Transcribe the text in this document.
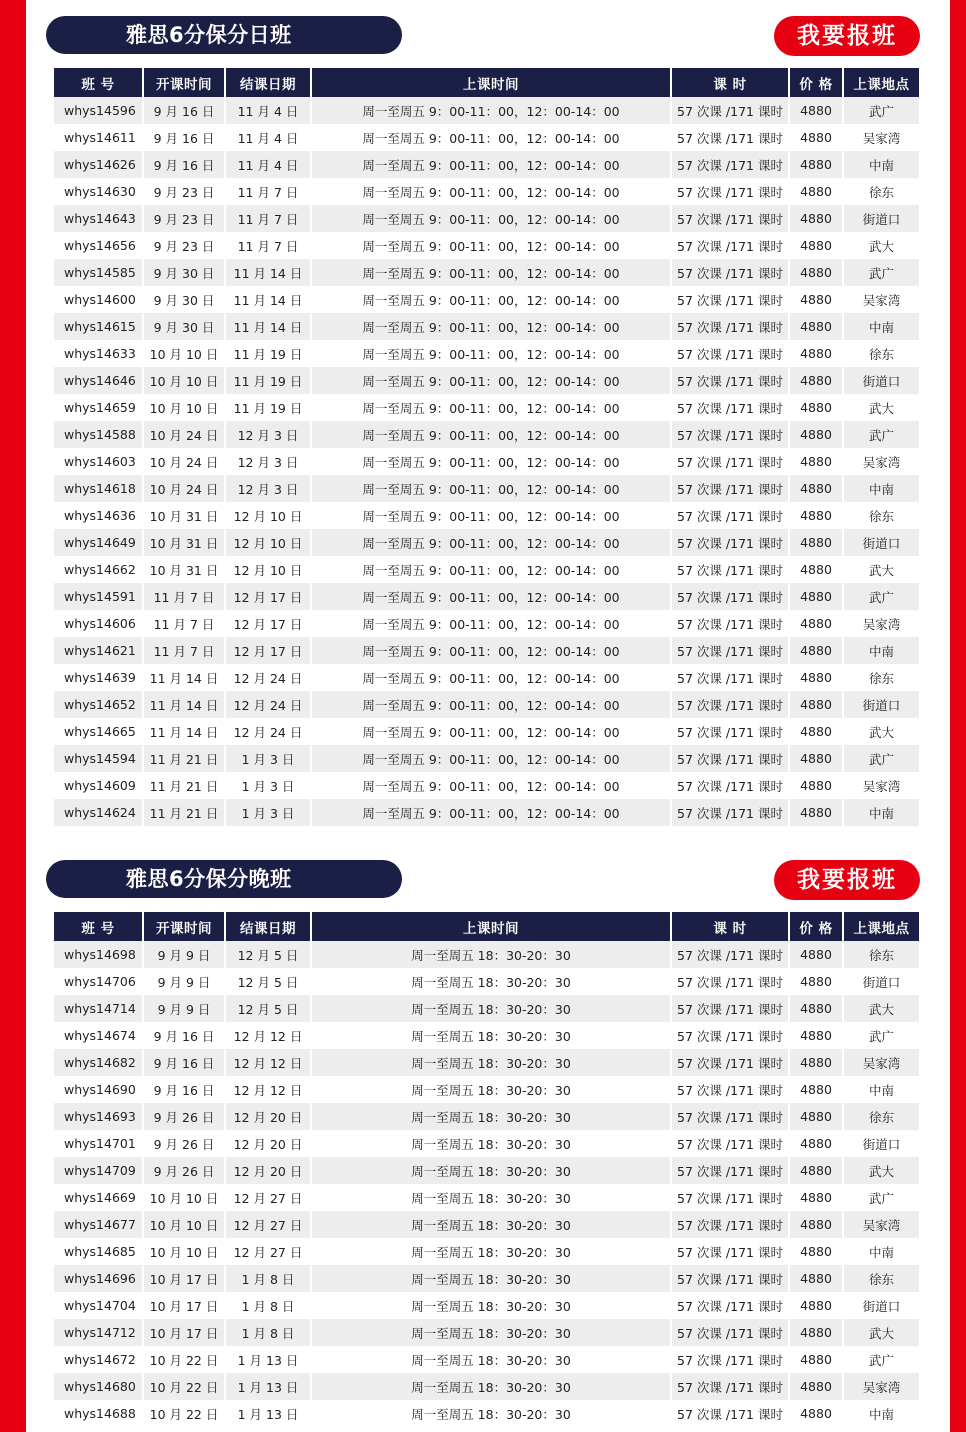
雅思6分保分日班	我要报班
班 号	开课时间	结课日期	上课时间	课 时	价 格	上课地点
whys14596	9 月 16 日	11 月 4 日	周一至周五 9：00-11：00，12：00-14：00	57 次课 /171 课时	4880	武广
whys14611	9 月 16 日	11 月 4 日	周一至周五 9：00-11：00，12：00-14：00	57 次课 /171 课时	4880	吴家湾
whys14626	9 月 16 日	11 月 4 日	周一至周五 9：00-11：00，12：00-14：00	57 次课 /171 课时	4880	中南
whys14630	9 月 23 日	11 月 7 日	周一至周五 9：00-11：00，12：00-14：00	57 次课 /171 课时	4880	徐东
whys14643	9 月 23 日	11 月 7 日	周一至周五 9：00-11：00，12：00-14：00	57 次课 /171 课时	4880	街道口
whys14656	9 月 23 日	11 月 7 日	周一至周五 9：00-11：00，12：00-14：00	57 次课 /171 课时	4880	武大
whys14585	9 月 30 日	11 月 14 日	周一至周五 9：00-11：00，12：00-14：00	57 次课 /171 课时	4880	武广
whys14600	9 月 30 日	11 月 14 日	周一至周五 9：00-11：00，12：00-14：00	57 次课 /171 课时	4880	吴家湾
whys14615	9 月 30 日	11 月 14 日	周一至周五 9：00-11：00，12：00-14：00	57 次课 /171 课时	4880	中南
whys14633	10 月 10 日	11 月 19 日	周一至周五 9：00-11：00，12：00-14：00	57 次课 /171 课时	4880	徐东
whys14646	10 月 10 日	11 月 19 日	周一至周五 9：00-11：00，12：00-14：00	57 次课 /171 课时	4880	街道口
whys14659	10 月 10 日	11 月 19 日	周一至周五 9：00-11：00，12：00-14：00	57 次课 /171 课时	4880	武大
whys14588	10 月 24 日	12 月 3 日	周一至周五 9：00-11：00，12：00-14：00	57 次课 /171 课时	4880	武广
whys14603	10 月 24 日	12 月 3 日	周一至周五 9：00-11：00，12：00-14：00	57 次课 /171 课时	4880	吴家湾
whys14618	10 月 24 日	12 月 3 日	周一至周五 9：00-11：00，12：00-14：00	57 次课 /171 课时	4880	中南
whys14636	10 月 31 日	12 月 10 日	周一至周五 9：00-11：00，12：00-14：00	57 次课 /171 课时	4880	徐东
whys14649	10 月 31 日	12 月 10 日	周一至周五 9：00-11：00，12：00-14：00	57 次课 /171 课时	4880	街道口
whys14662	10 月 31 日	12 月 10 日	周一至周五 9：00-11：00，12：00-14：00	57 次课 /171 课时	4880	武大
whys14591	11 月 7 日	12 月 17 日	周一至周五 9：00-11：00，12：00-14：00	57 次课 /171 课时	4880	武广
whys14606	11 月 7 日	12 月 17 日	周一至周五 9：00-11：00，12：00-14：00	57 次课 /171 课时	4880	吴家湾
whys14621	11 月 7 日	12 月 17 日	周一至周五 9：00-11：00，12：00-14：00	57 次课 /171 课时	4880	中南
whys14639	11 月 14 日	12 月 24 日	周一至周五 9：00-11：00，12：00-14：00	57 次课 /171 课时	4880	徐东
whys14652	11 月 14 日	12 月 24 日	周一至周五 9：00-11：00，12：00-14：00	57 次课 /171 课时	4880	街道口
whys14665	11 月 14 日	12 月 24 日	周一至周五 9：00-11：00，12：00-14：00	57 次课 /171 课时	4880	武大
whys14594	11 月 21 日	1 月 3 日	周一至周五 9：00-11：00，12：00-14：00	57 次课 /171 课时	4880	武广
whys14609	11 月 21 日	1 月 3 日	周一至周五 9：00-11：00，12：00-14：00	57 次课 /171 课时	4880	吴家湾
whys14624	11 月 21 日	1 月 3 日	周一至周五 9：00-11：00，12：00-14：00	57 次课 /171 课时	4880	中南
雅思6分保分晚班	我要报班
班 号	开课时间	结课日期	上课时间	课 时	价 格	上课地点
whys14698	9 月 9 日	12 月 5 日	周一至周五 18：30-20：30	57 次课 /171 课时	4880	徐东
whys14706	9 月 9 日	12 月 5 日	周一至周五 18：30-20：30	57 次课 /171 课时	4880	街道口
whys14714	9 月 9 日	12 月 5 日	周一至周五 18：30-20：30	57 次课 /171 课时	4880	武大
whys14674	9 月 16 日	12 月 12 日	周一至周五 18：30-20：30	57 次课 /171 课时	4880	武广
whys14682	9 月 16 日	12 月 12 日	周一至周五 18：30-20：30	57 次课 /171 课时	4880	吴家湾
whys14690	9 月 16 日	12 月 12 日	周一至周五 18：30-20：30	57 次课 /171 课时	4880	中南
whys14693	9 月 26 日	12 月 20 日	周一至周五 18：30-20：30	57 次课 /171 课时	4880	徐东
whys14701	9 月 26 日	12 月 20 日	周一至周五 18：30-20：30	57 次课 /171 课时	4880	街道口
whys14709	9 月 26 日	12 月 20 日	周一至周五 18：30-20：30	57 次课 /171 课时	4880	武大
whys14669	10 月 10 日	12 月 27 日	周一至周五 18：30-20：30	57 次课 /171 课时	4880	武广
whys14677	10 月 10 日	12 月 27 日	周一至周五 18：30-20：30	57 次课 /171 课时	4880	吴家湾
whys14685	10 月 10 日	12 月 27 日	周一至周五 18：30-20：30	57 次课 /171 课时	4880	中南
whys14696	10 月 17 日	1 月 8 日	周一至周五 18：30-20：30	57 次课 /171 课时	4880	徐东
whys14704	10 月 17 日	1 月 8 日	周一至周五 18：30-20：30	57 次课 /171 课时	4880	街道口
whys14712	10 月 17 日	1 月 8 日	周一至周五 18：30-20：30	57 次课 /171 课时	4880	武大
whys14672	10 月 22 日	1 月 13 日	周一至周五 18：30-20：30	57 次课 /171 课时	4880	武广
whys14680	10 月 22 日	1 月 13 日	周一至周五 18：30-20：30	57 次课 /171 课时	4880	吴家湾
whys14688	10 月 22 日	1 月 13 日	周一至周五 18：30-20：30	57 次课 /171 课时	4880	中南
